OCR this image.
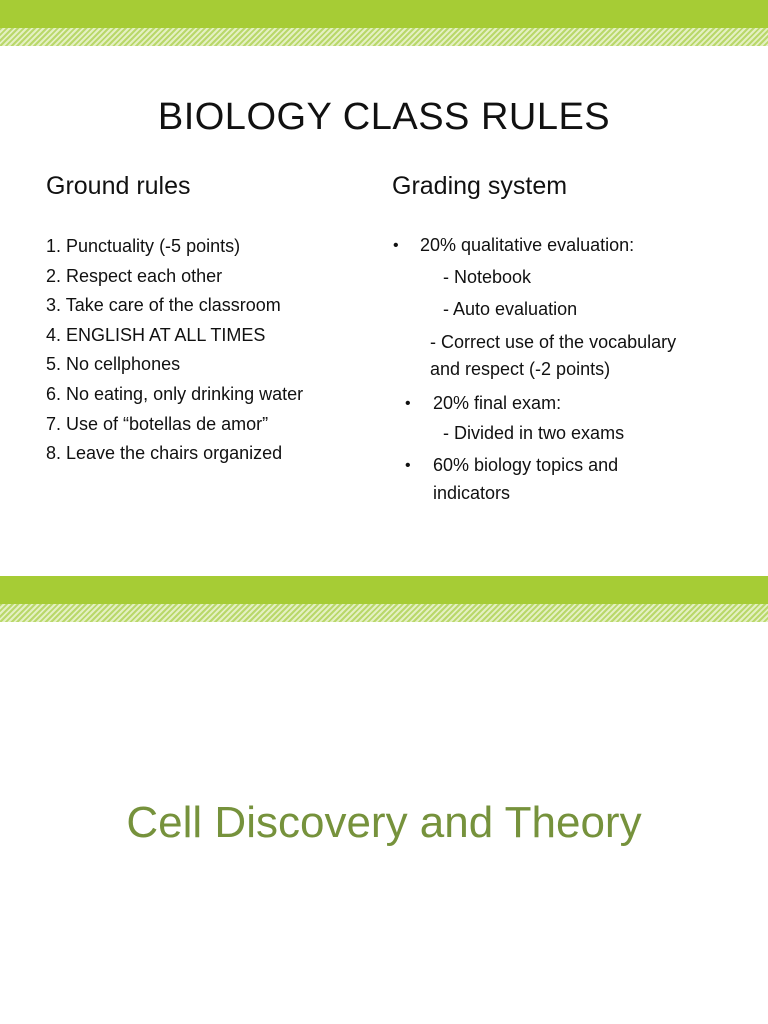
BIOLOGY CLASS RULES
Ground rules	Grading system
1. Punctuality (-5 points)
2. Respect each other
3. Take care of the classroom
4. ENGLISH AT ALL TIMES
5. No cellphones
6. No eating, only drinking water
7. Use of “botellas de amor”
8. Leave the chairs organized
• 20% qualitative evaluation:
- Notebook
- Auto evaluation
- Correct use of the vocabulary
and respect (-2 points)
• 20% final exam:
- Divided in two exams
• 60% biology topics and
indicators
Cell Discovery and Theory
